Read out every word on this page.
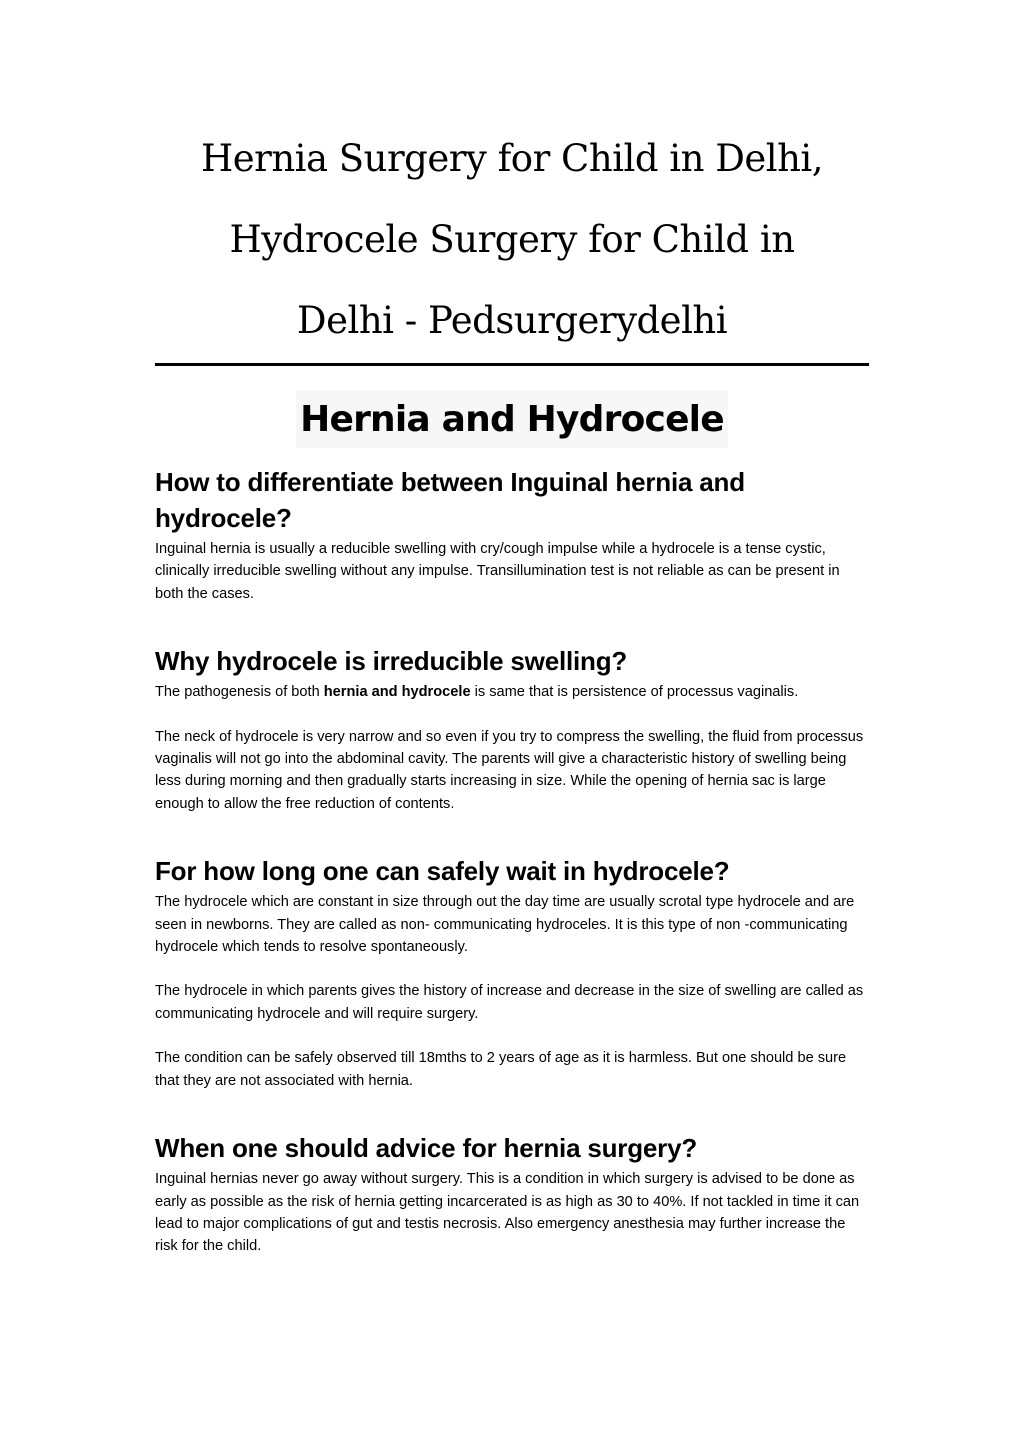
Hernia Surgery for Child in Delhi,
Hydrocele Surgery for Child in
Delhi - Pedsurgerydelhi
Hernia and Hydrocele
How to differentiate between Inguinal hernia and hydrocele?

Inguinal hernia is usually a reducible swelling with cry/cough impulse while a hydrocele is a tense cystic, clinically irreducible swelling without any impulse. Transillumination test is not reliable as can be present in both the cases.

Why hydrocele is irreducible swelling?

The pathogenesis of both hernia and hydrocele is same that is persistence of processus vaginalis.

The neck of hydrocele is very narrow and so even if you try to compress the swelling, the fluid from processus vaginalis will not go into the abdominal cavity. The parents will give a characteristic history of swelling being less during morning and then gradually starts increasing in size. While the opening of hernia sac is large enough to allow the free reduction of contents.

For how long one can safely wait in hydrocele?

The hydrocele which are constant in size through out the day time are usually scrotal type hydrocele and are seen in newborns. They are called as non- communicating hydroceles. It is this type of non -communicating hydrocele which tends to resolve spontaneously.

The hydrocele in which parents gives the history of increase and decrease in the size of swelling are called as communicating hydrocele and will require surgery.

The condition can be safely observed till 18mths to 2 years of age as it is harmless. But one should be sure that they are not associated with hernia.

When one should advice for hernia surgery?

Inguinal hernias never go away without surgery. This is a condition in which surgery is advised to be done as early as possible as the risk of hernia getting incarcerated is as high as 30 to 40%. If not tackled in time it can lead to major complications of gut and testis necrosis. Also emergency anesthesia may further increase the risk for the child.
